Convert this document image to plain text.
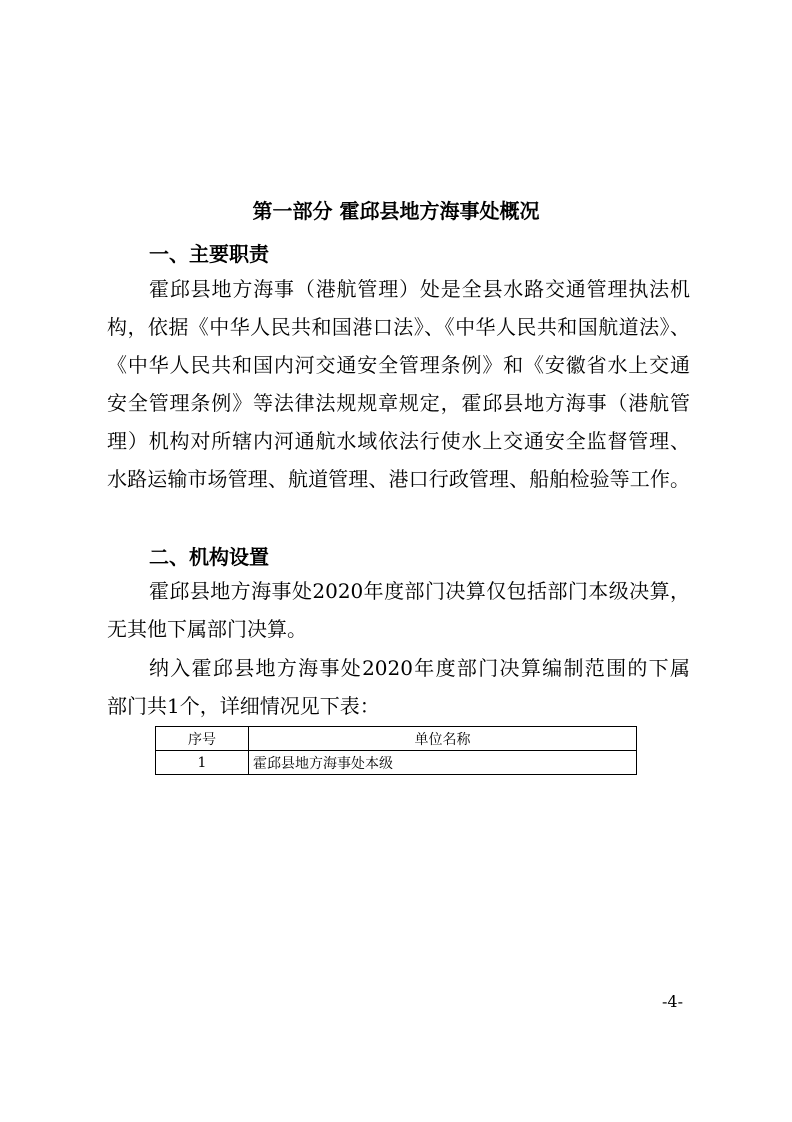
第一部分 霍邱县地方海事处概况
一、主要职责
霍邱县地方海事（港航管理）处是全县水路交通管理执法机
构，依据《中华人民共和国港口法》、《中华人民共和国航道法》、
《中华人民共和国内河交通安全管理条例》和《安徽省水上交通
安全管理条例》等法律法规规章规定，霍邱县地方海事（港航管
理）机构对所辖内河通航水域依法行使水上交通安全监督管理、
水路运输市场管理、航道管理、港口行政管理、船舶检验等工作。
二、机构设置
霍邱县地方海事处2020年度部门决算仅包括部门本级决算，
无其他下属部门决算。
纳入霍邱县地方海事处2020年度部门决算编制范围的下属
部门共1个，详细情况见下表：
序号	单位名称
1	霍邱县地方海事处本级
-4-
